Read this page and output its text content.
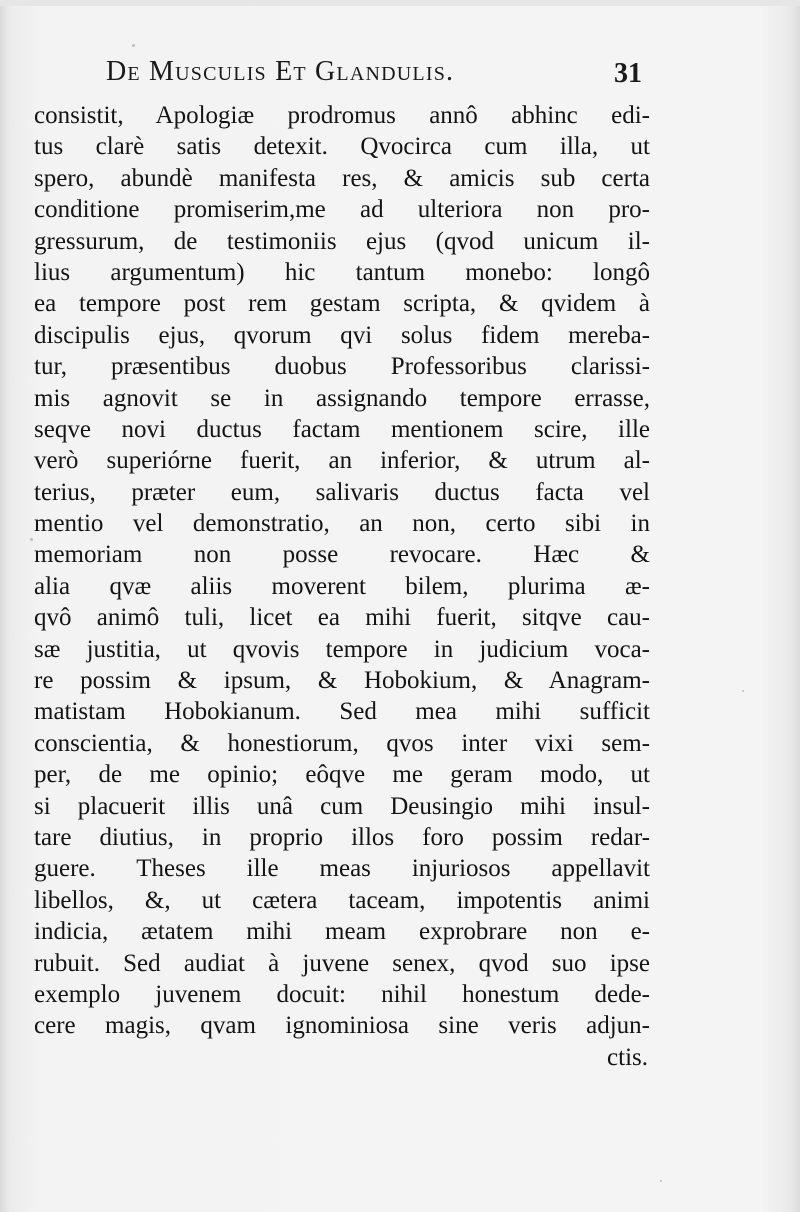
De Musculis Et Glandulis.	31
consistit, Apologiæ prodromus annô abhinc edi-
tus clarè satis detexit. Qvocirca cum illa, ut
spero, abundè manifesta res, & amicis sub certa
conditione promiserim,me ad ulteriora non pro-
gressurum, de testimoniis ejus (qvod unicum il-
lius argumentum) hic tantum monebo: longô
ea tempore post rem gestam scripta, & qvidem à
discipulis ejus, qvorum qvi solus fidem mereba-
tur, præsentibus duobus Professoribus clarissi-
mis agnovit se in assignando tempore errasse,
seqve novi ductus factam mentionem scire, ille
verò superiórne fuerit, an inferior, & utrum al-
terius, præter eum, salivaris ductus facta vel
mentio vel demonstratio, an non, certo sibi in
memoriam non posse revocare. Hæc &
alia qvæ aliis moverent bilem, plurima æ-
qvô animô tuli, licet ea mihi fuerit, sitqve cau-
sæ justitia, ut qvovis tempore in judicium voca-
re possim & ipsum, & Hobokium, & Anagram-
matistam Hobokianum. Sed mea mihi sufficit
conscientia, & honestiorum, qvos inter vixi sem-
per, de me opinio; eôqve me geram modo, ut
si placuerit illis unâ cum Deusingio mihi insul-
tare diutius, in proprio illos foro possim redar-
guere. Theses ille meas injuriosos appellavit
libellos, &, ut cætera taceam, impotentis animi
indicia, ætatem mihi meam exprobrare non e-
rubuit. Sed audiat à juvene senex, qvod suo ipse
exemplo juvenem docuit: nihil honestum dede-
cere magis, qvam ignominiosa sine veris adjun-
ctis.
